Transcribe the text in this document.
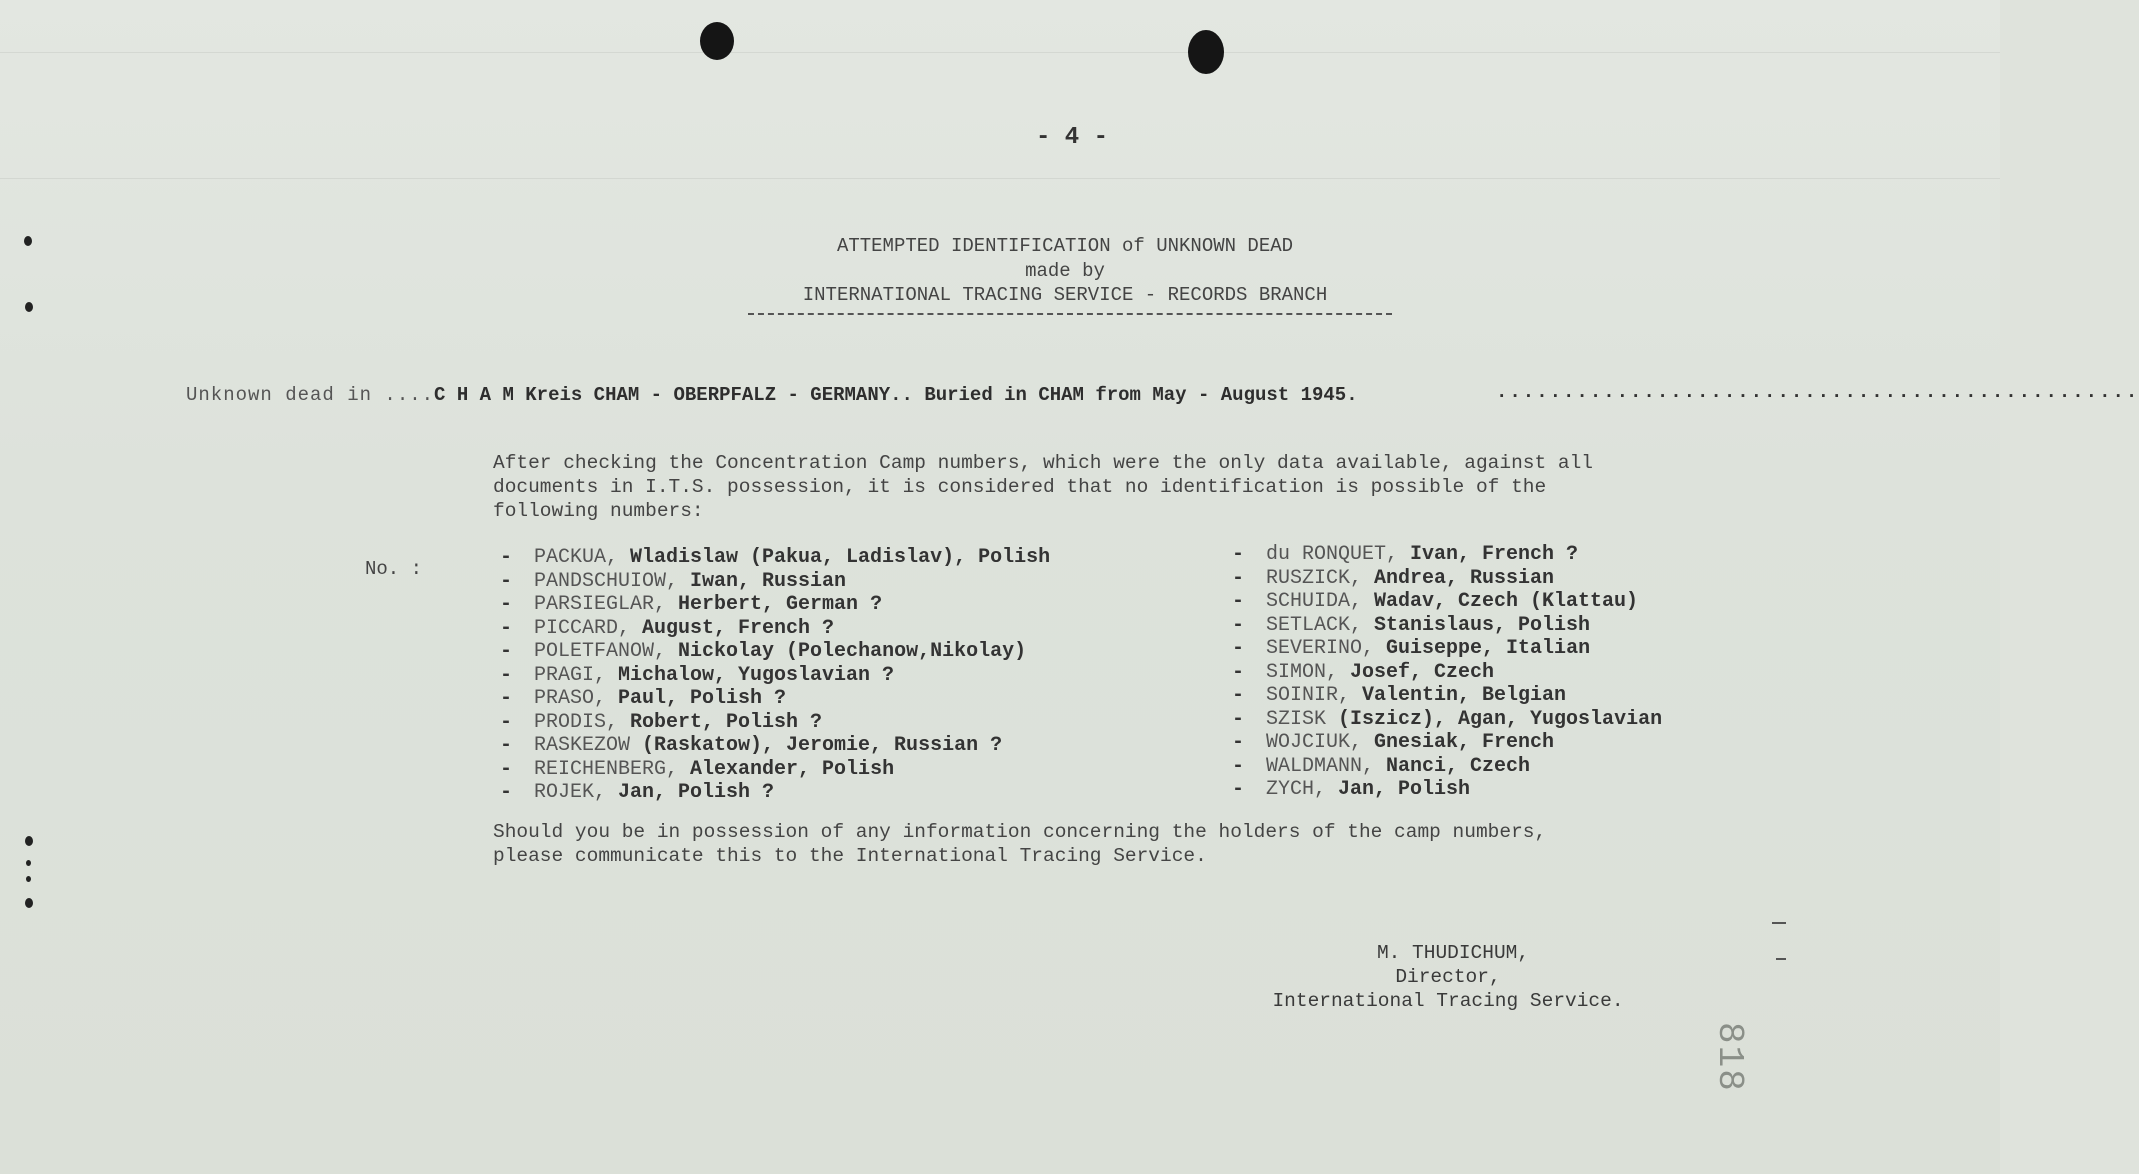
- 4 -
ATTEMPTED IDENTIFICATION of UNKNOWN DEAD
made by
INTERNATIONAL TRACING SERVICE - RECORDS BRANCH
Unknown dead in ....C H A M Kreis CHAM - OBERPFALZ - GERMANY.. Buried in CHAM from May - August 1945.	................................................
After checking the Concentration Camp numbers, which were the only data available, against all
documents in I.T.S. possession, it is considered that no identification is possible of the
following numbers:
No. :	- PACKUA, Wladislaw (Pakua, Ladislav), Polish
- PANDSCHUIOW, Iwan, Russian
- PARSIEGLAR, Herbert, German ?
- PICCARD, August, French ?
- POLETFANOW, Nickolay (Polechanow,Nikolay)
- PRAGI, Michalow, Yugoslavian ?
- PRASO, Paul, Polish ?
- PRODIS, Robert, Polish ?
- RASKEZOW (Raskatow), Jeromie, Russian ?
- REICHENBERG, Alexander, Polish
- ROJEK, Jan, Polish ?
- du RONQUET, Ivan, French ?
- RUSZICK, Andrea, Russian
- SCHUIDA, Wadav, Czech (Klattau)
- SETLACK, Stanislaus, Polish
- SEVERINO, Guiseppe, Italian
- SIMON, Josef, Czech
- SOINIR, Valentin, Belgian
- SZISK (Iszicz), Agan, Yugoslavian
- WOJCIUK, Gnesiak, French
- WALDMANN, Nanci, Czech
- ZYCH, Jan, Polish
Should you be in possession of any information concerning the holders of the camp numbers,
please communicate this to the International Tracing Service.
M. THUDICHUM,
Director,
International Tracing Service.
818
